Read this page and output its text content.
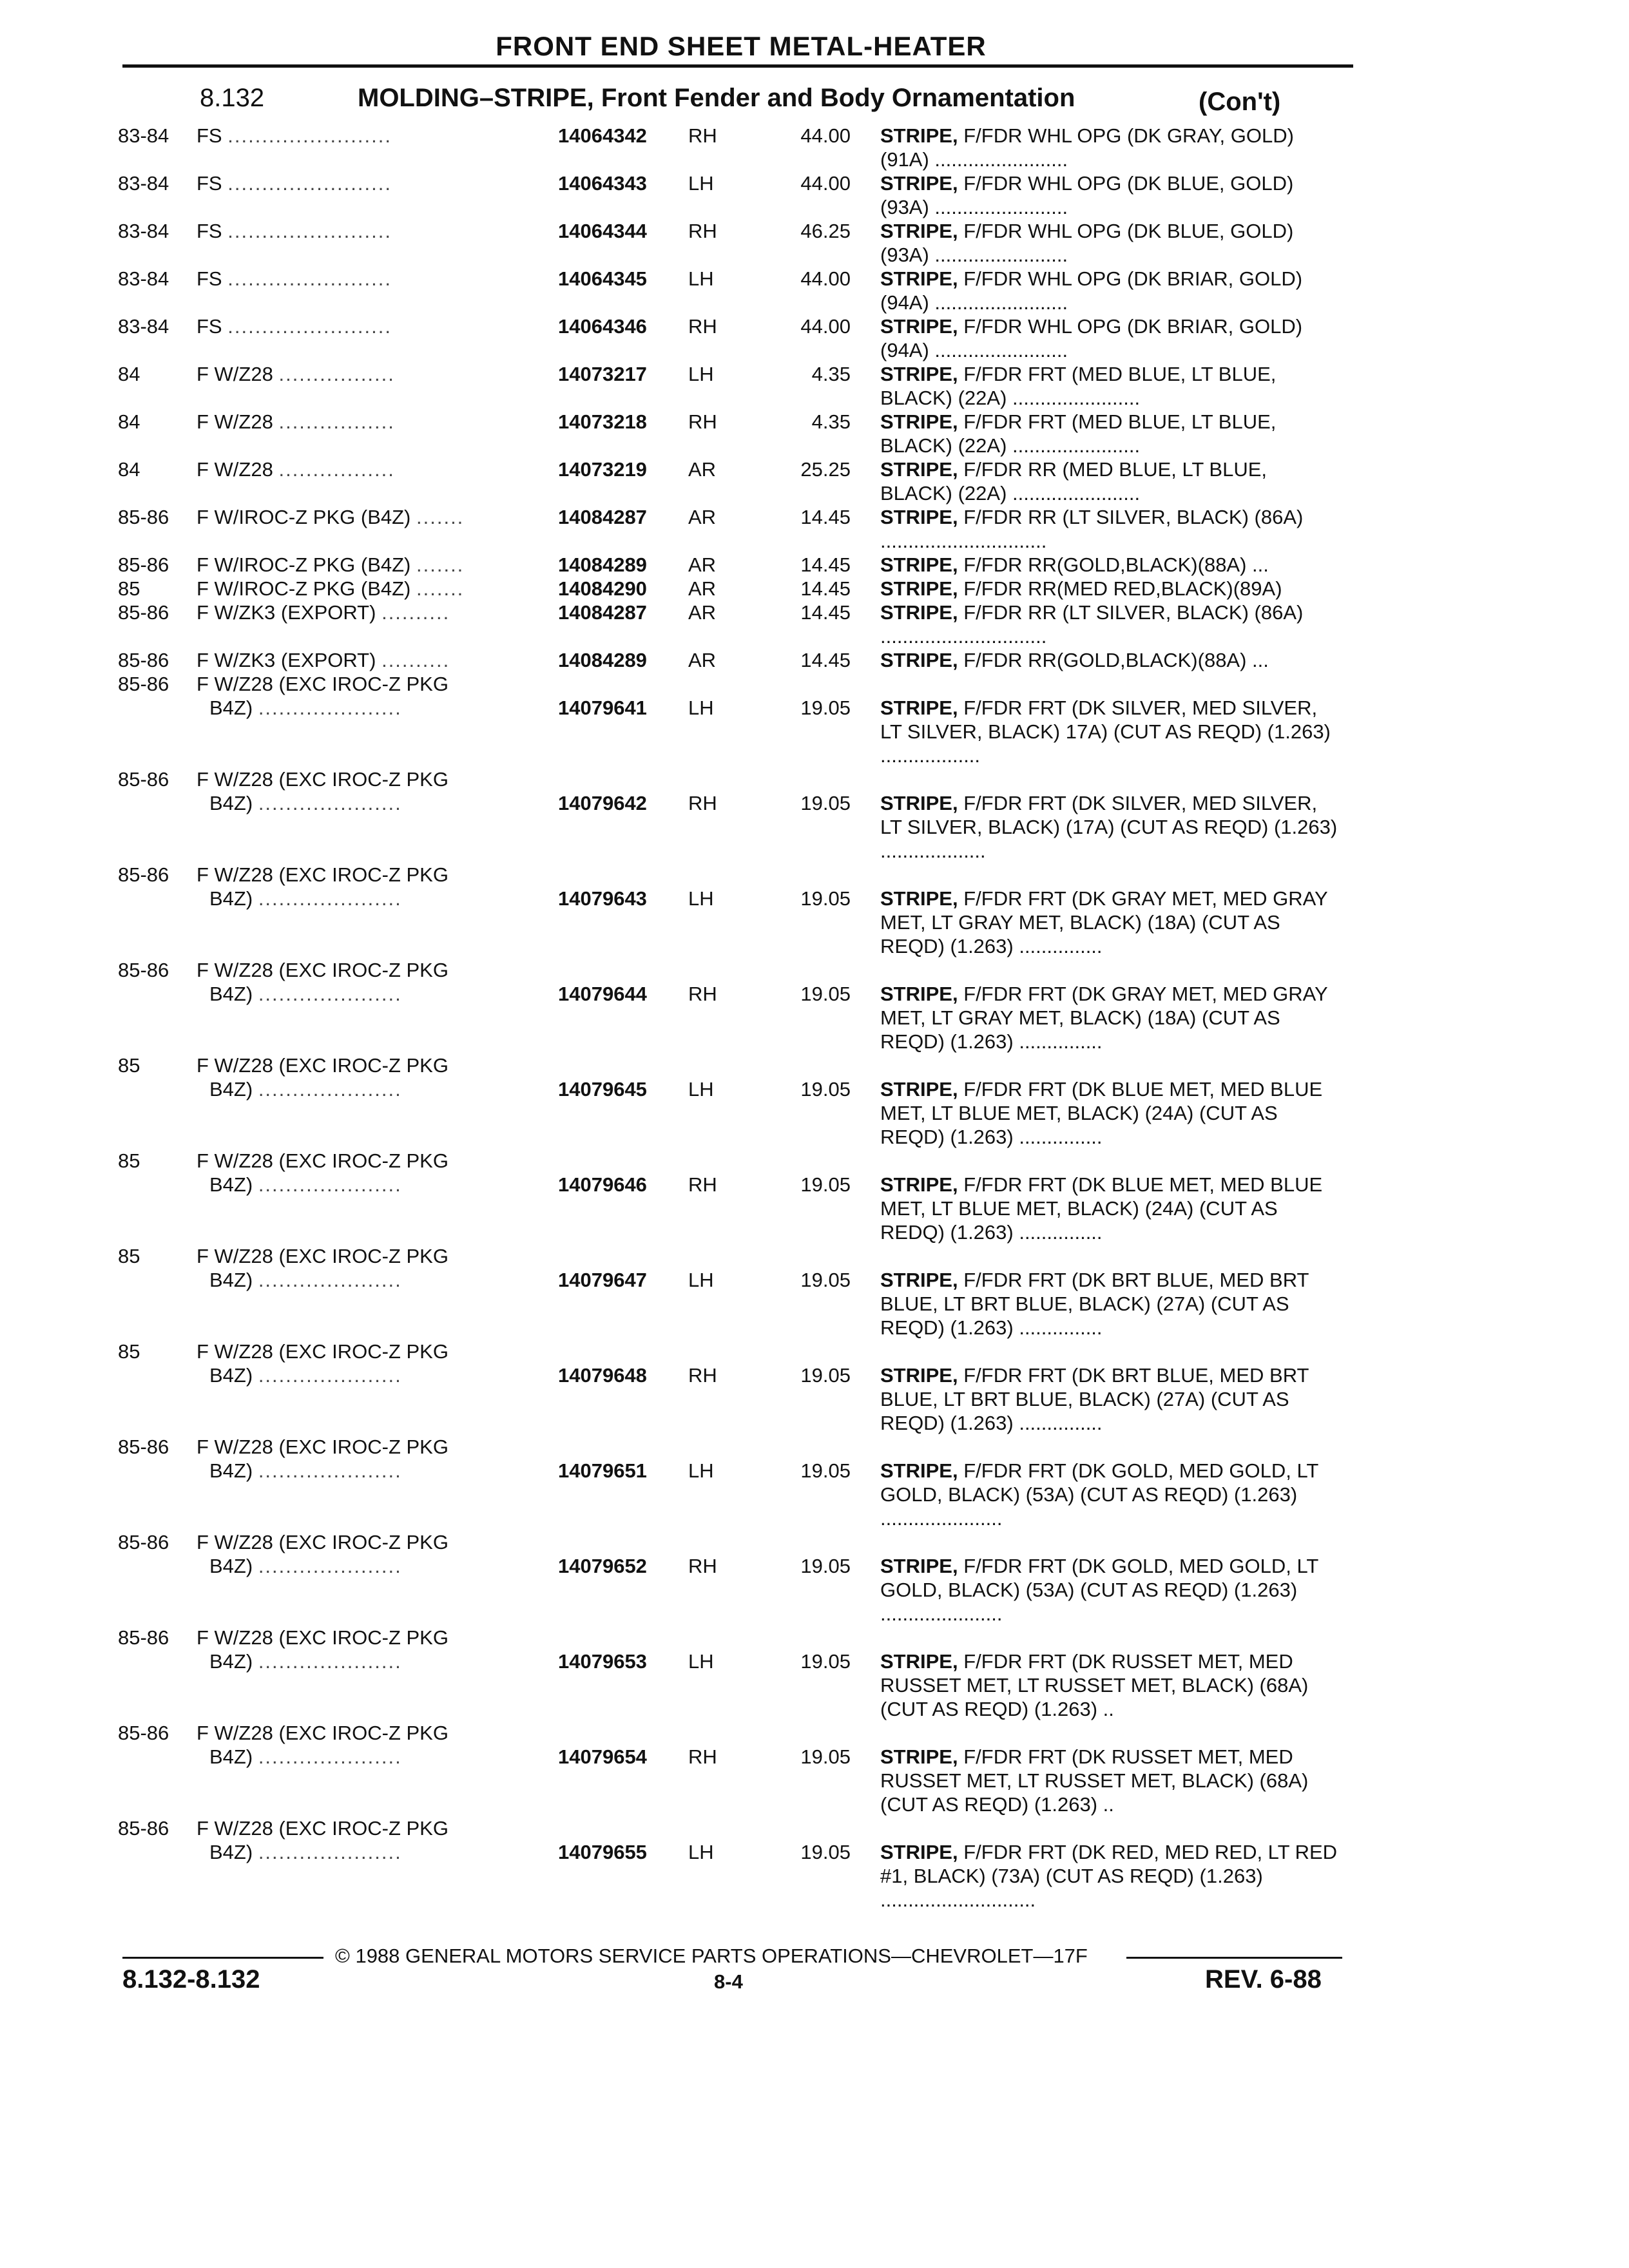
FRONT END SHEET METAL-HEATER
8.132	MOLDING–STRIPE, Front Fender and Body Ornamentation	(Con't)
83-84	FS ........................	14064342 RH	44.00 STRIPE, F/FDR WHL OPG (DK GRAY, GOLD) (91A) ........................
83-84	FS ........................	14064343 LH	44.00 STRIPE, F/FDR WHL OPG (DK BLUE, GOLD) (93A) ........................
83-84	FS ........................	14064344 RH	46.25 STRIPE, F/FDR WHL OPG (DK BLUE, GOLD) (93A) ........................
83-84	FS ........................	14064345 LH	44.00 STRIPE, F/FDR WHL OPG (DK BRIAR, GOLD) (94A) ........................
83-84	FS ........................	14064346 RH	44.00 STRIPE, F/FDR WHL OPG (DK BRIAR, GOLD) (94A) ........................
84	F W/Z28 .................	14073217 LH	4.35 STRIPE, F/FDR FRT (MED BLUE, LT BLUE, BLACK) (22A) .......................
84	F W/Z28 .................	14073218 RH	4.35 STRIPE, F/FDR FRT (MED BLUE, LT BLUE, BLACK) (22A) .......................
84	F W/Z28 .................	14073219 AR	25.25 STRIPE, F/FDR RR (MED BLUE, LT BLUE, BLACK) (22A) .......................
85-86	F W/IROC-Z PKG (B4Z) .......	14084287 AR	14.45 STRIPE, F/FDR RR (LT SILVER, BLACK) (86A) ..............................
85-86	F W/IROC-Z PKG (B4Z) .......	14084289 AR	14.45 STRIPE, F/FDR RR(GOLD,BLACK)(88A) ...
85	F W/IROC-Z PKG (B4Z) .......	14084290 AR	14.45 STRIPE, F/FDR RR(MED RED,BLACK)(89A)
85-86	F W/ZK3 (EXPORT) ..........	14084287 AR	14.45 STRIPE, F/FDR RR (LT SILVER, BLACK) (86A) ..............................
85-86	F W/ZK3 (EXPORT) ..........	14084289 AR	14.45 STRIPE, F/FDR RR(GOLD,BLACK)(88A) ...
85-86	F W/Z28 (EXC IROC-Z PKG
B4Z) .....................	14079641 LH	19.05 STRIPE, F/FDR FRT (DK SILVER, MED SILVER, LT SILVER, BLACK) 17A) (CUT AS REQD) (1.263) ..................
85-86	F W/Z28 (EXC IROC-Z PKG
B4Z) .....................	14079642 RH	19.05 STRIPE, F/FDR FRT (DK SILVER, MED SILVER, LT SILVER, BLACK) (17A) (CUT AS REQD) (1.263) ...................
85-86	F W/Z28 (EXC IROC-Z PKG
B4Z) .....................	14079643 LH	19.05 STRIPE, F/FDR FRT (DK GRAY MET, MED GRAY MET, LT GRAY MET, BLACK) (18A) (CUT AS REQD) (1.263) ...............
85-86	F W/Z28 (EXC IROC-Z PKG
B4Z) .....................	14079644 RH	19.05 STRIPE, F/FDR FRT (DK GRAY MET, MED GRAY MET, LT GRAY MET, BLACK) (18A) (CUT AS REQD) (1.263) ...............
85	F W/Z28 (EXC IROC-Z PKG
B4Z) .....................	14079645 LH	19.05 STRIPE, F/FDR FRT (DK BLUE MET, MED BLUE MET, LT BLUE MET, BLACK) (24A) (CUT AS REQD) (1.263) ...............
85	F W/Z28 (EXC IROC-Z PKG
B4Z) .....................	14079646 RH	19.05 STRIPE, F/FDR FRT (DK BLUE MET, MED BLUE MET, LT BLUE MET, BLACK) (24A) (CUT AS REDQ) (1.263) ...............
85	F W/Z28 (EXC IROC-Z PKG
B4Z) .....................	14079647 LH	19.05 STRIPE, F/FDR FRT (DK BRT BLUE, MED BRT BLUE, LT BRT BLUE, BLACK) (27A) (CUT AS REQD) (1.263) ...............
85	F W/Z28 (EXC IROC-Z PKG
B4Z) .....................	14079648 RH	19.05 STRIPE, F/FDR FRT (DK BRT BLUE, MED BRT BLUE, LT BRT BLUE, BLACK) (27A) (CUT AS REQD) (1.263) ...............
85-86	F W/Z28 (EXC IROC-Z PKG
B4Z) .....................	14079651 LH	19.05 STRIPE, F/FDR FRT (DK GOLD, MED GOLD, LT GOLD, BLACK) (53A) (CUT AS REQD) (1.263) ......................
85-86	F W/Z28 (EXC IROC-Z PKG
B4Z) .....................	14079652 RH	19.05 STRIPE, F/FDR FRT (DK GOLD, MED GOLD, LT GOLD, BLACK) (53A) (CUT AS REQD) (1.263) ......................
85-86	F W/Z28 (EXC IROC-Z PKG
B4Z) .....................	14079653 LH	19.05 STRIPE, F/FDR FRT (DK RUSSET MET, MED RUSSET MET, LT RUSSET MET, BLACK) (68A) (CUT AS REQD) (1.263) ..
85-86	F W/Z28 (EXC IROC-Z PKG
B4Z) .....................	14079654 RH	19.05 STRIPE, F/FDR FRT (DK RUSSET MET, MED RUSSET MET, LT RUSSET MET, BLACK) (68A) (CUT AS REQD) (1.263) ..
85-86	F W/Z28 (EXC IROC-Z PKG
B4Z) .....................	14079655 LH	19.05 STRIPE, F/FDR FRT (DK RED, MED RED, LT RED #1, BLACK) (73A) (CUT AS REQD) (1.263) ............................
© 1988 GENERAL MOTORS SERVICE PARTS OPERATIONS—CHEVROLET—17F
8.132-8.132	8-4	REV. 6-88
